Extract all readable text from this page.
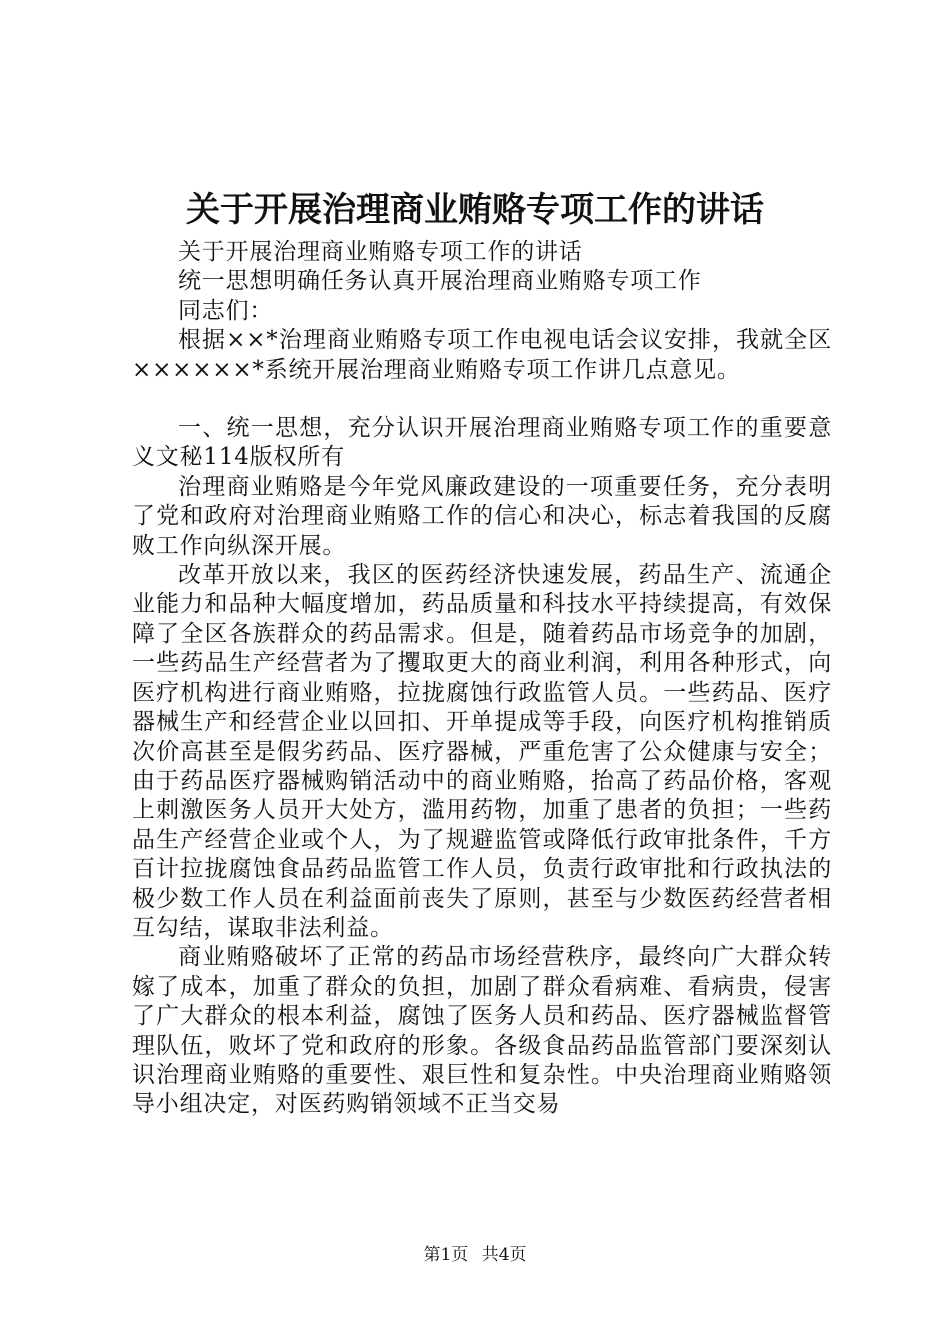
关于开展治理商业贿赂专项工作的讲话

关于开展治理商业贿赂专项工作的讲话

统一思想明确任务认真开展治理商业贿赂专项工作

同志们：

根据××*治理商业贿赂专项工作电视电话会议安排，我就全区××××××*系统开展治理商业贿赂专项工作讲几点意见。

一、统一思想，充分认识开展治理商业贿赂专项工作的重要意义文秘114版权所有

治理商业贿赂是今年党风廉政建设的一项重要任务，充分表明了党和政府对治理商业贿赂工作的信心和决心，标志着我国的反腐败工作向纵深开展。

改革开放以来，我区的医药经济快速发展，药品生产、流通企业能力和品种大幅度增加，药品质量和科技水平持续提高，有效保障了全区各族群众的药品需求。但是，随着药品市场竞争的加剧，一些药品生产经营者为了攫取更大的商业利润，利用各种形式，向医疗机构进行商业贿赂，拉拢腐蚀行政监管人员。一些药品、医疗器械生产和经营企业以回扣、开单提成等手段，向医疗机构推销质次价高甚至是假劣药品、医疗器械，严重危害了公众健康与安全；由于药品医疗器械购销活动中的商业贿赂，抬高了药品价格，客观上刺激医务人员开大处方，滥用药物，加重了患者的负担；一些药品生产经营企业或个人，为了规避监管或降低行政审批条件，千方百计拉拢腐蚀食品药品监管工作人员，负责行政审批和行政执法的极少数工作人员在利益面前丧失了原则，甚至与少数医药经营者相互勾结，谋取非法利益。

商业贿赂破坏了正常的药品市场经营秩序，最终向广大群众转嫁了成本，加重了群众的负担，加剧了群众看病难、看病贵，侵害了广大群众的根本利益，腐蚀了医务人员和药品、医疗器械监督管理队伍，败坏了党和政府的形象。各级食品药品监管部门要深刻认识治理商业贿赂的重要性、艰巨性和复杂性。中央治理商业贿赂领导小组决定，对医药购销领域不正当交易

第1页 共4页
